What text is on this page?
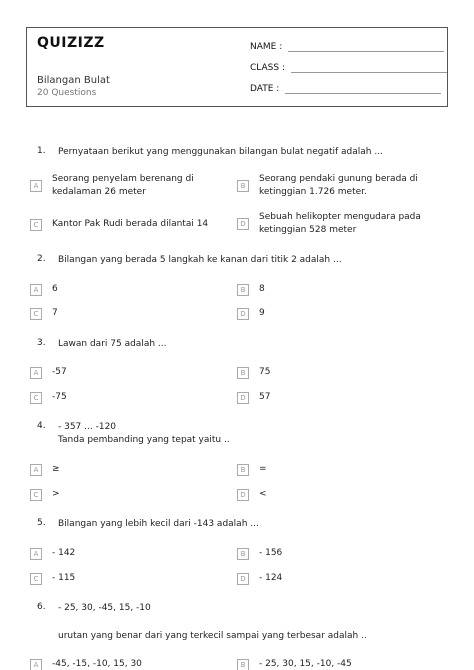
QUIZIZZ
Bilangan Bulat
20 Questions
NAME :
CLASS :
DATE :
1.	Pernyataan berikut yang menggunakan bilangan bulat negatif adalah ...
A
Seorang penyelam berenang di
kedalaman 26 meter
B
Seorang pendaki gunung berada di
ketinggian 1.726 meter.
C	Kantor Pak Rudi berada dilantai 14	D
Sebuah helikopter mengudara pada
ketinggian 528 meter
2.	Bilangan yang berada 5 langkah ke kanan dari titik 2 adalah ...
A	6	B	8
C	7	D	9
3.	Lawan dari 75 adalah ...
A	-57	B	75
C	-75	D	57
4.	- 357 ... -120
Tanda pembanding yang tepat yaitu ..
A	≥	B	=
C	>	D	<
5.	Bilangan yang lebih kecil dari -143 adalah ...
A	- 142	B	- 156
C	- 115	D	- 124
6.	- 25, 30, -45, 15, -10
urutan yang benar dari yang terkecil sampai yang terbesar adalah ..
A	-45, -15, -10, 15, 30	B	- 25, 30, 15, -10, -45
